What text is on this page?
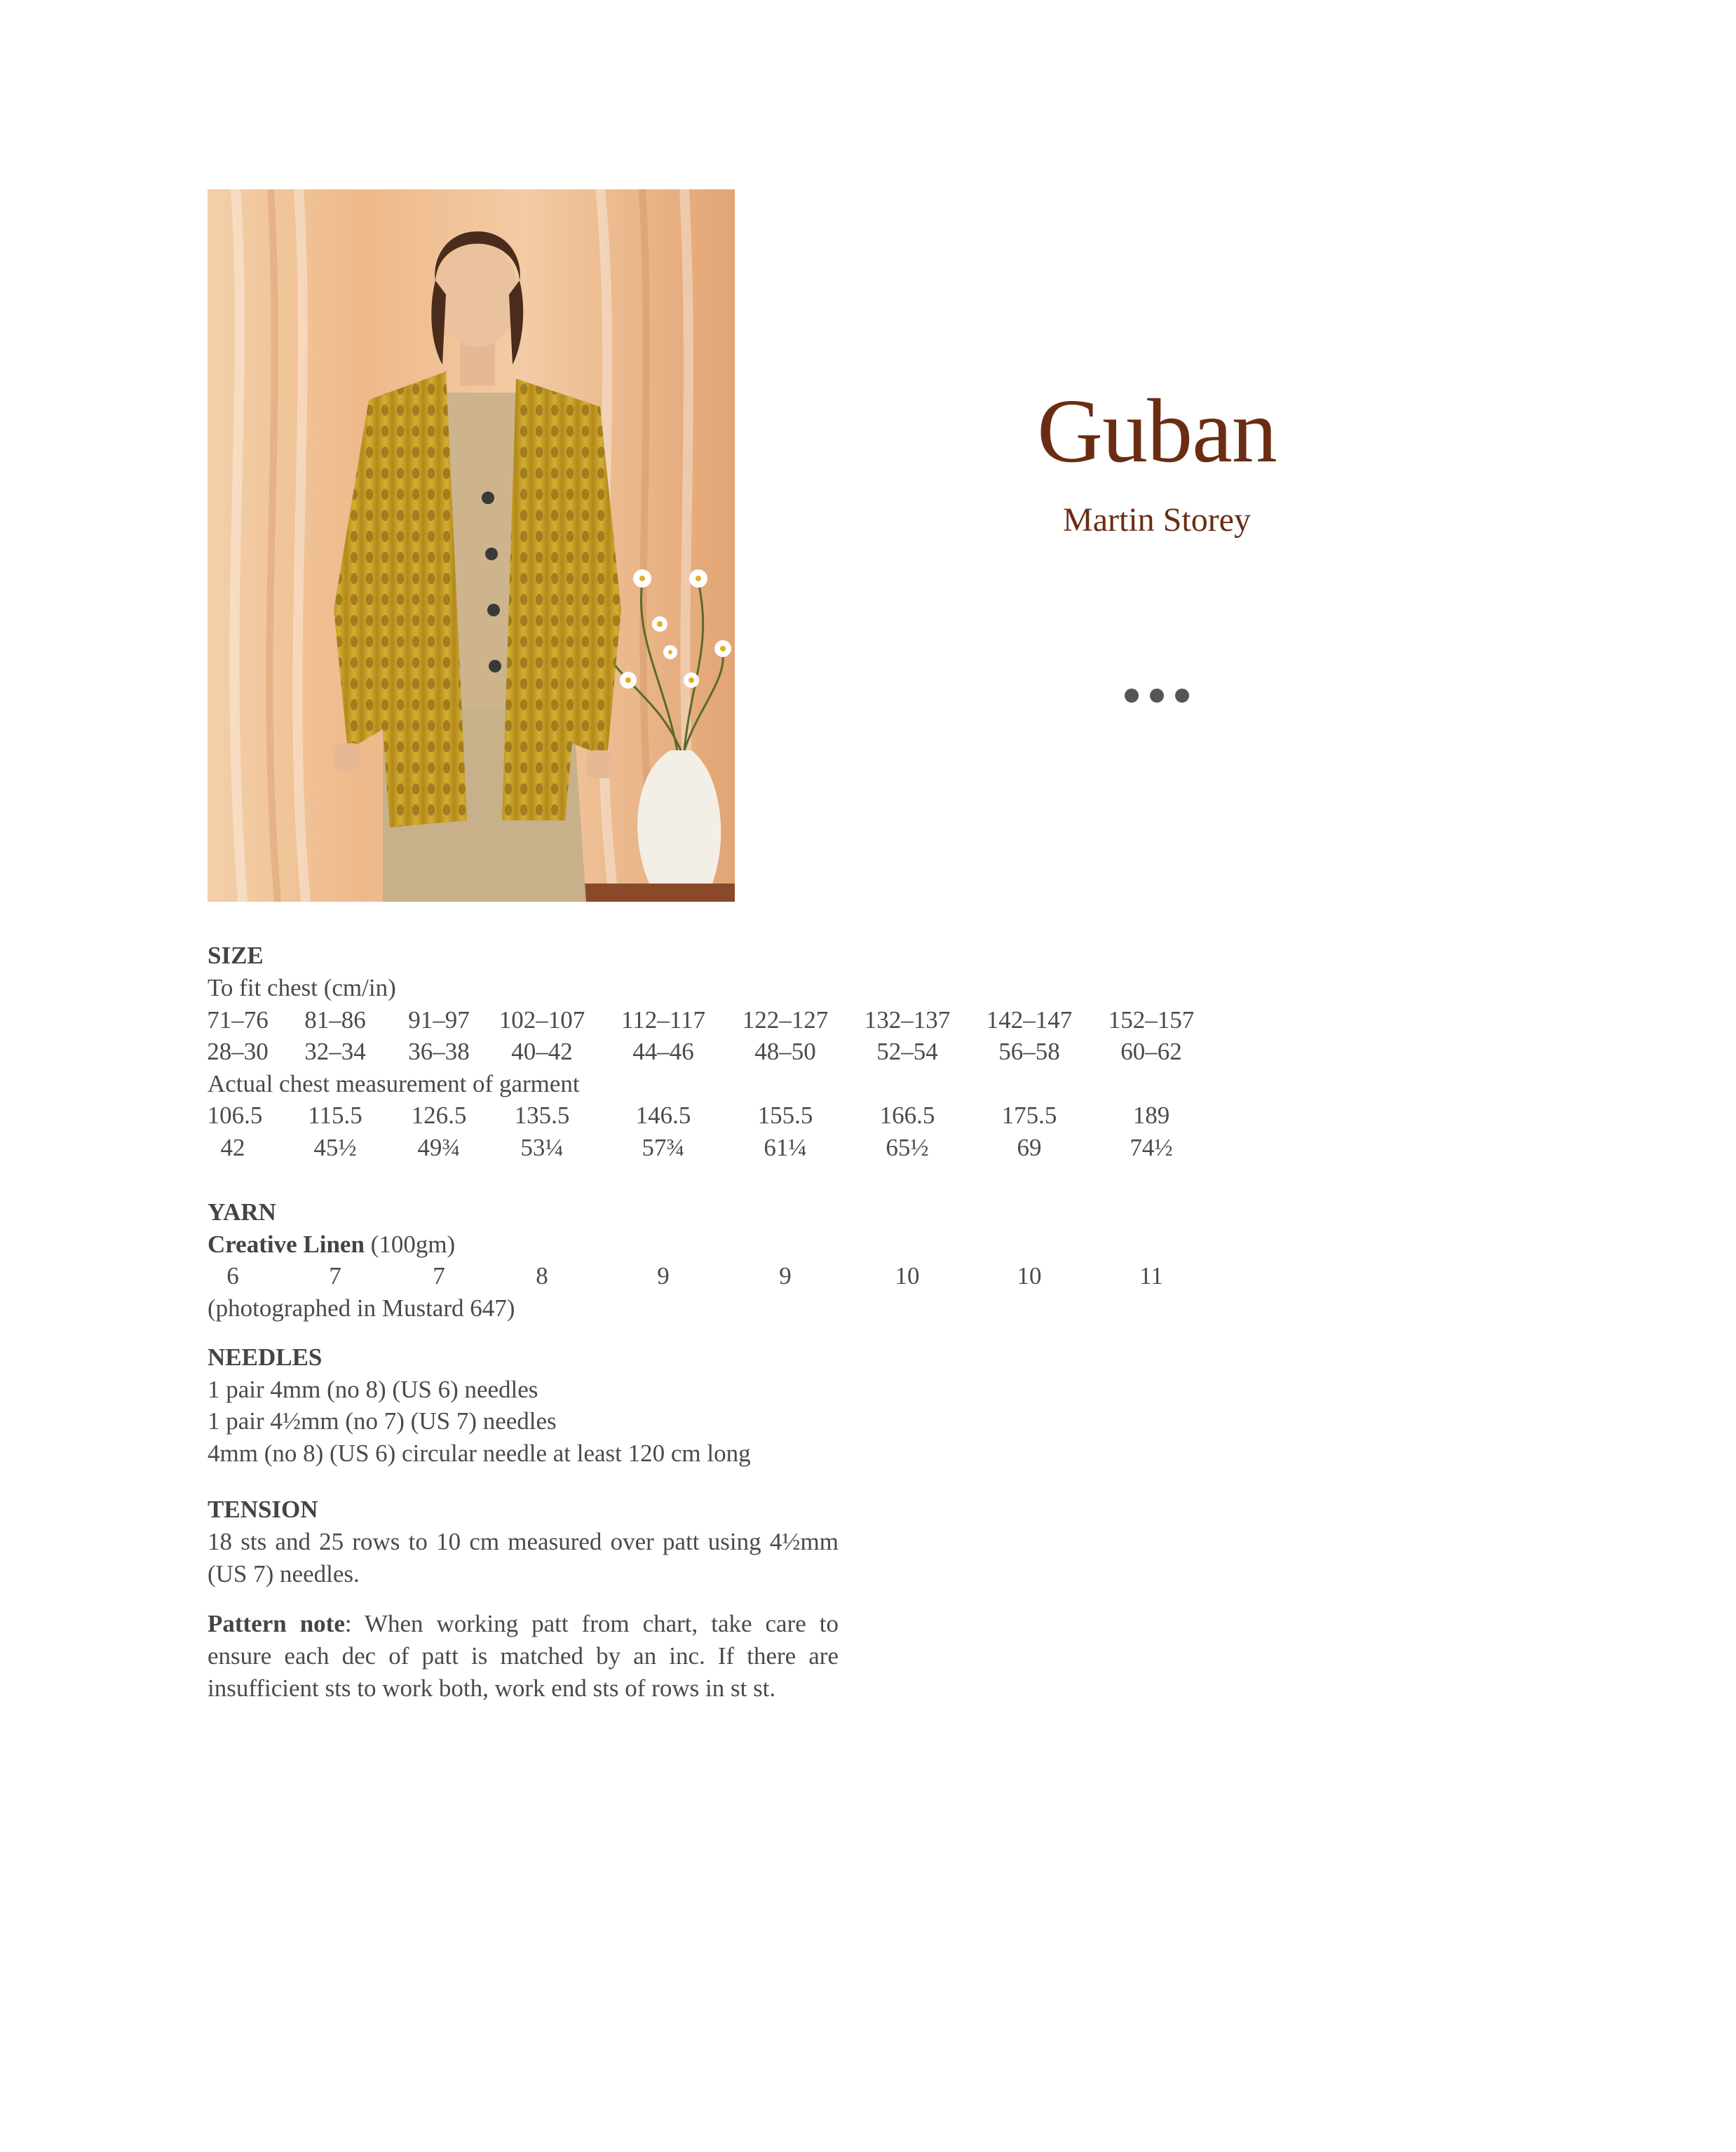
Guban
Martin Storey
SIZE
To fit chest (cm/in)
71–76	81–86	91–97	102–107 112–117 122–127 132–137 142–147 152–157
28–30	32–34	36–38	40–42	44–46	48–50	52–54	56–58	60–62
Actual chest measurement of garment
106.5	115.5	126.5	135.5	146.5	155.5	166.5	175.5	189
42	45½	49¾	53¼	57¾	61¼	65½	69	74½
YARN
Creative Linen (100gm)
6	7	7	8	9	9	10	10	11
(photographed in Mustard 647)
NEEDLES
1 pair 4mm (no 8) (US 6) needles
1 pair 4½mm (no 7) (US 7) needles
4mm (no 8) (US 6) circular needle at least 120 cm long
TENSION
18 sts and 25 rows to 10 cm measured over patt using 4½mm (US 7) needles.
Pattern note: When working patt from chart, take care to ensure each dec of patt is matched by an inc. If there are insufficient sts to work both, work end sts of rows in st st.
